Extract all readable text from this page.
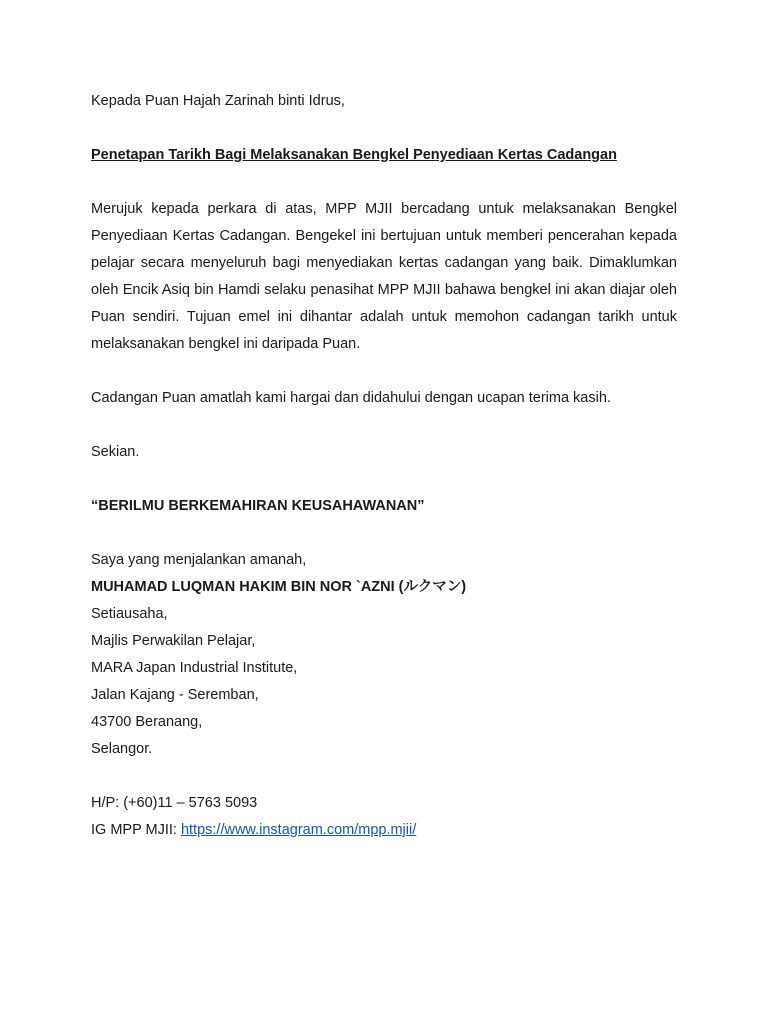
Kepada Puan Hajah Zarinah binti Idrus,

Penetapan Tarikh Bagi Melaksanakan Bengkel Penyediaan Kertas Cadangan

Merujuk kepada perkara di atas, MPP MJII bercadang untuk melaksanakan Bengkel Penyediaan Kertas Cadangan. Bengekel ini bertujuan untuk memberi pencerahan kepada pelajar secara menyeluruh bagi menyediakan kertas cadangan yang baik. Dimaklumkan oleh Encik Asiq bin Hamdi selaku penasihat MPP MJII bahawa bengkel ini akan diajar oleh Puan sendiri. Tujuan emel ini dihantar adalah untuk memohon cadangan tarikh untuk melaksanakan bengkel ini daripada Puan.

Cadangan Puan amatlah kami hargai dan didahului dengan ucapan terima kasih.

Sekian.

“BERILMU BERKEMAHIRAN KEUSAHAWANAN”

Saya yang menjalankan amanah,

MUHAMAD LUQMAN HAKIM BIN NOR `AZNI (ルクマン)

Setiausaha,

Majlis Perwakilan Pelajar,

MARA Japan Industrial Institute,

Jalan Kajang - Seremban,

43700 Beranang,

Selangor.

H/P: (+60)11 – 5763 5093

IG MPP MJII: https://www.instagram.com/mpp.mjii/
